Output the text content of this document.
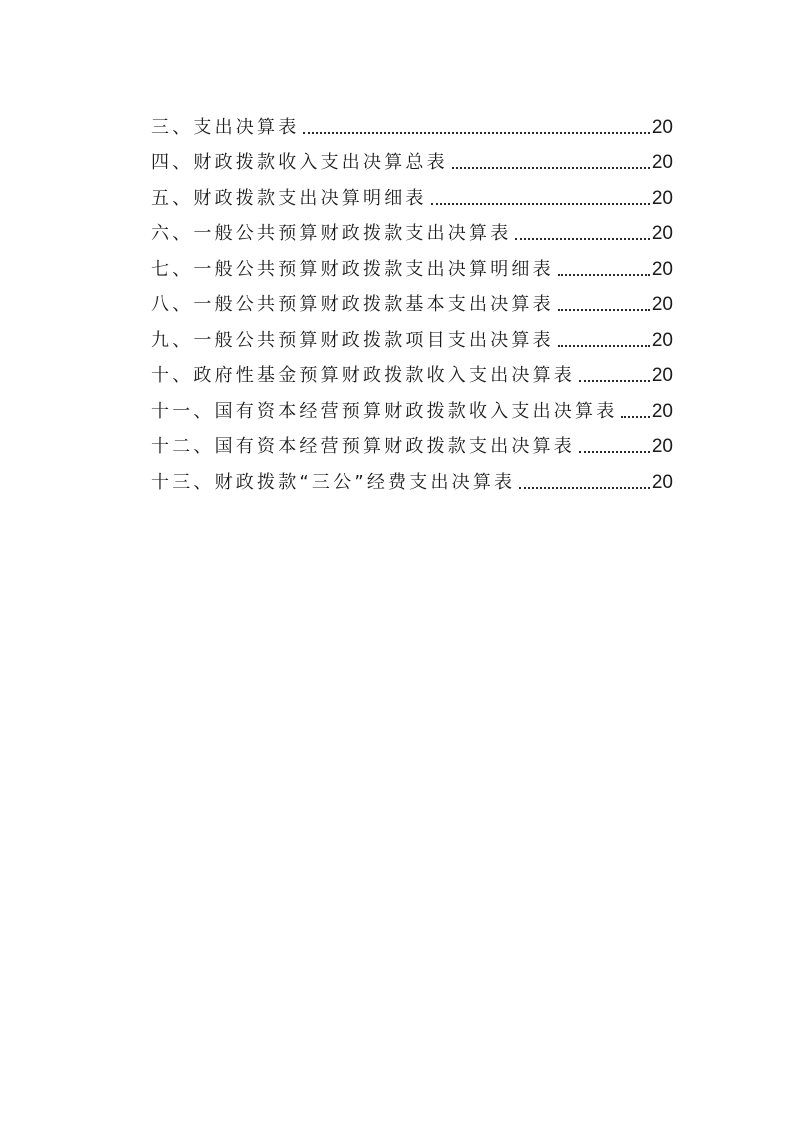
三、支出决算表	20
四、财政拨款收入支出决算总表	20
五、财政拨款支出决算明细表	20
六、一般公共预算财政拨款支出决算表	20
七、一般公共预算财政拨款支出决算明细表	20
八、一般公共预算财政拨款基本支出决算表	20
九、一般公共预算财政拨款项目支出决算表	20
十、政府性基金预算财政拨款收入支出决算表	20
十一、国有资本经营预算财政拨款收入支出决算表 20
十二、国有资本经营预算财政拨款支出决算表	20
十三、财政拨款“三公”经费支出决算表	20
